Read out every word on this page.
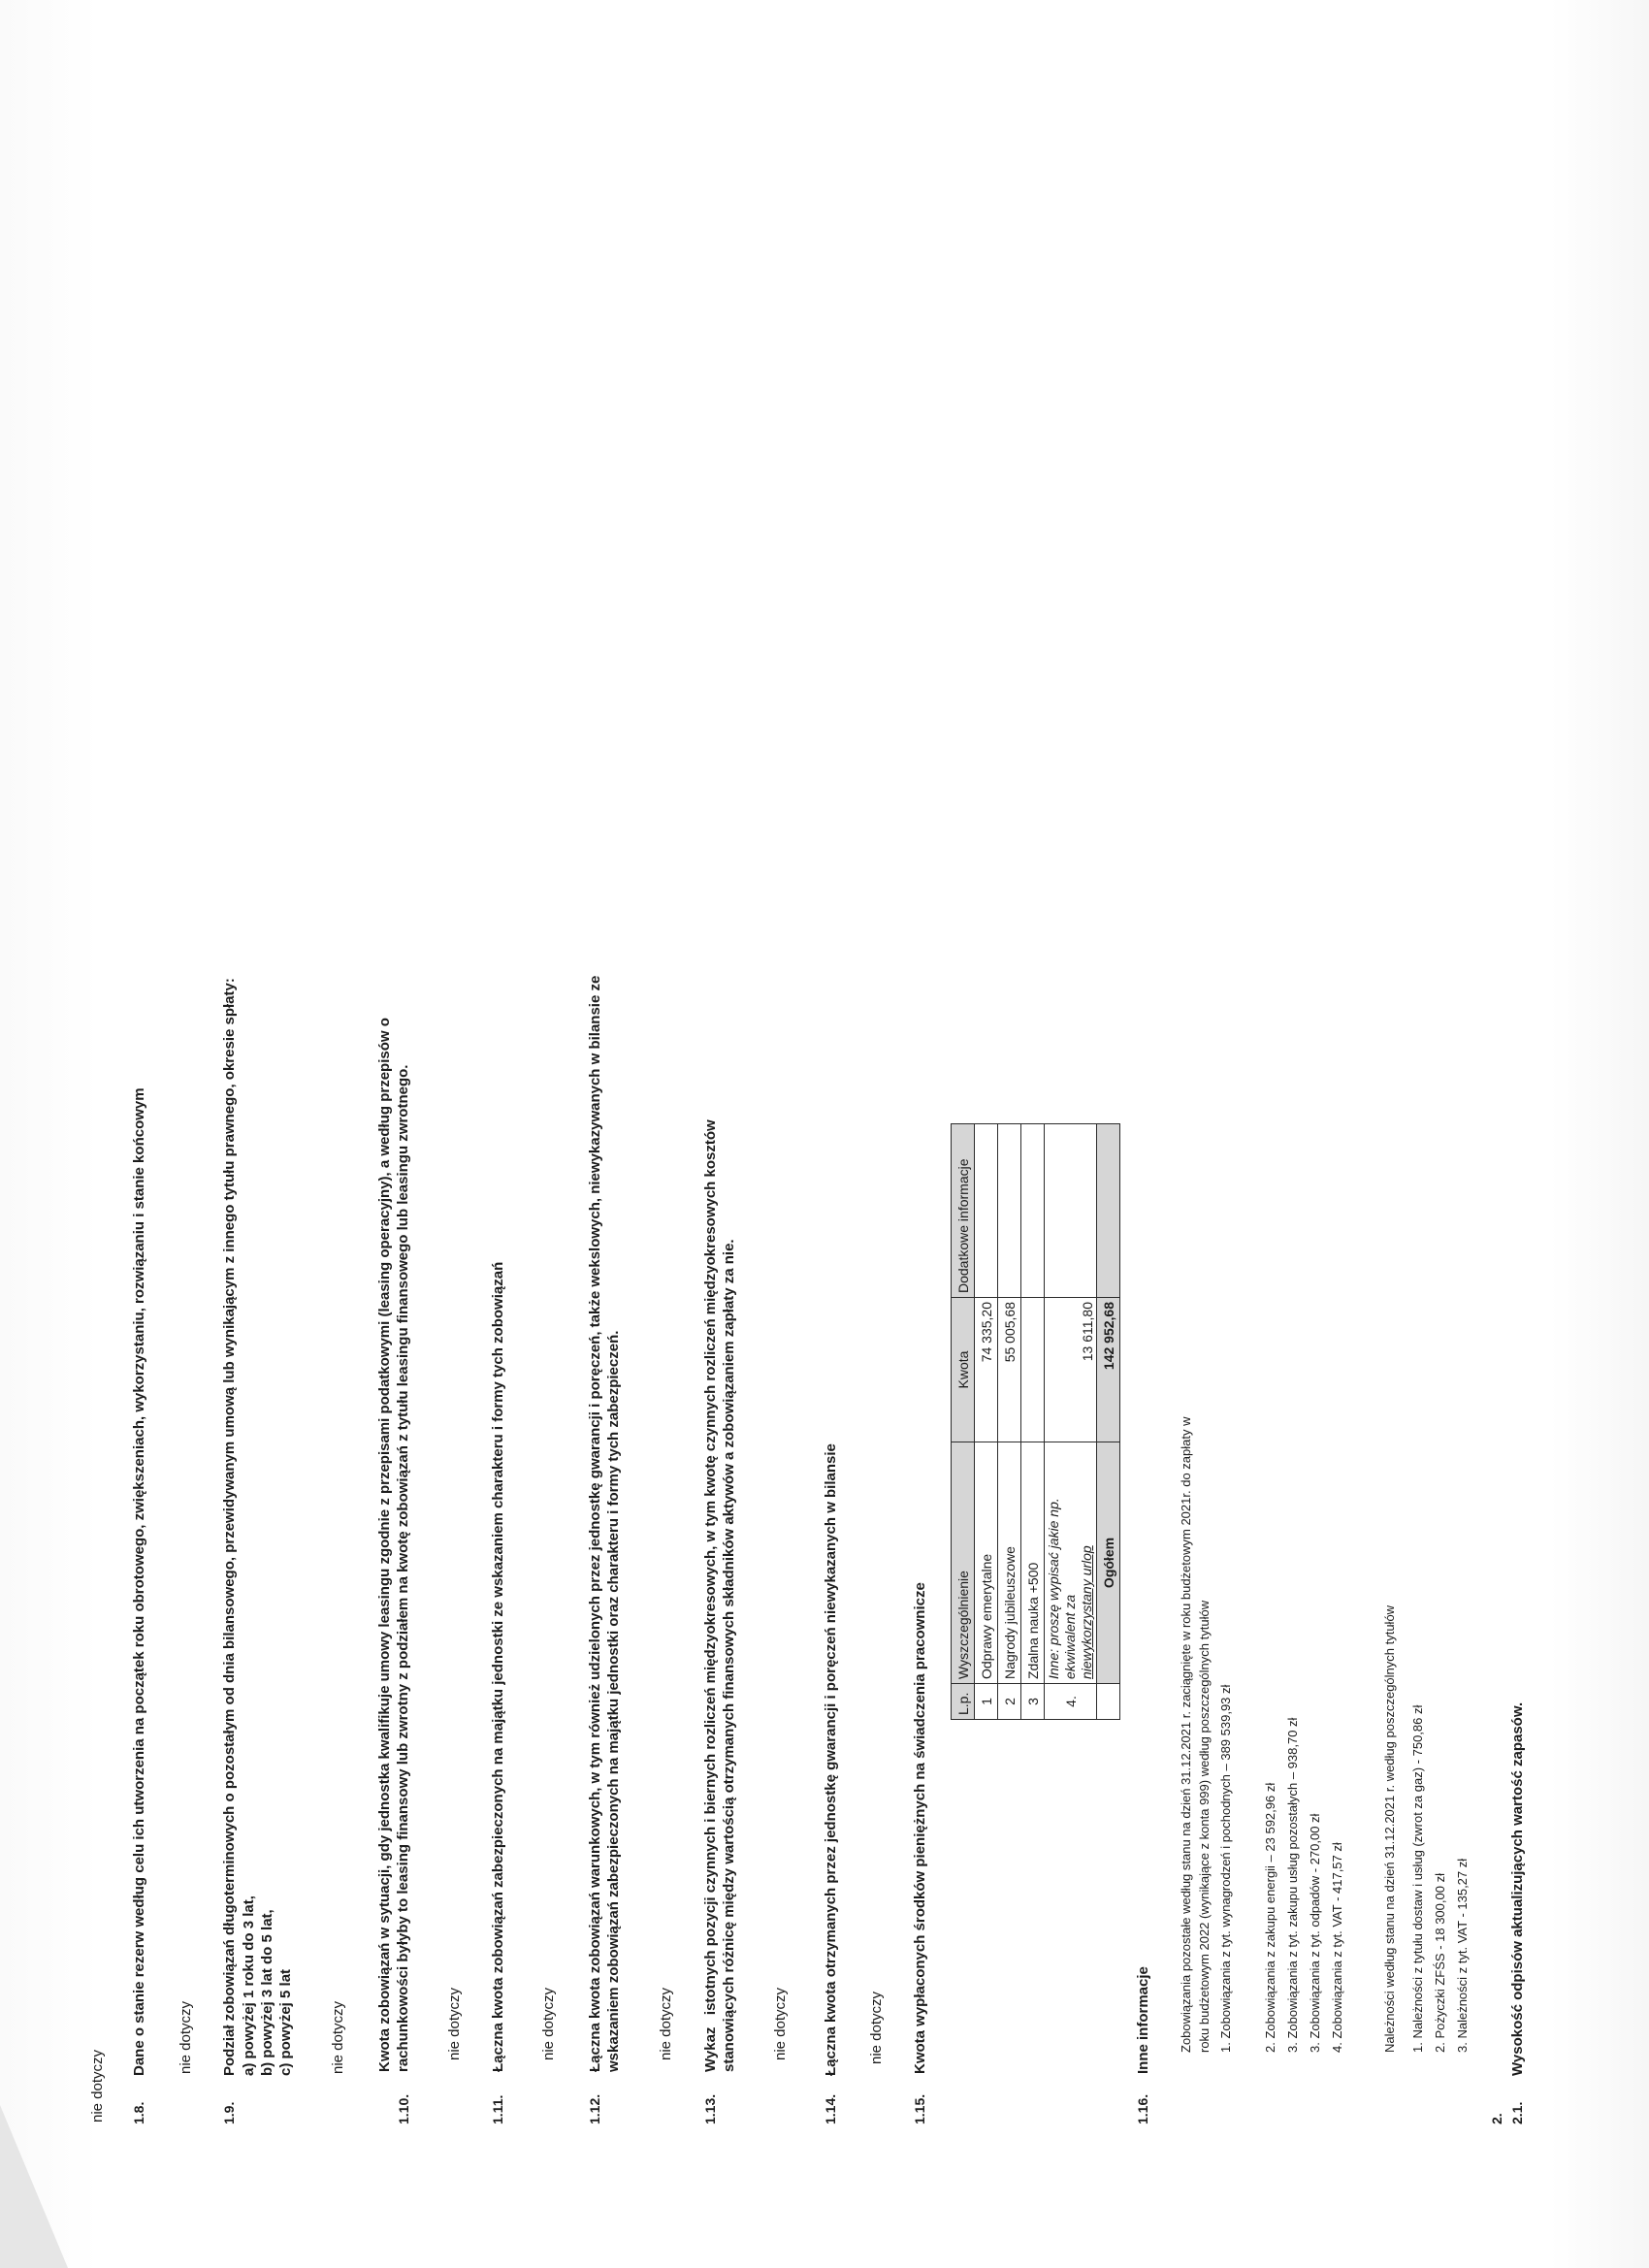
nie dotyczy 1.8.

Dane o stanie rezerw według celu ich utworzenia na początek roku obrotowego, zwiększeniach, wykorzystaniu, rozwiązaniu i stanie końcowym nie dotyczy

1.9.

Podział zobowiązań długoterminowych o pozostałym od dnia bilansowego, przewidywanym umową lub wynikającym z innego tytułu prawnego, okresie spłaty: a) powyżej 1 roku do 3 lat, b) powyżej 3 lat do 5 lat, c) powyżej 5 lat nie dotyczy

1.10.

Kwota zobowiązań w sytuacji, gdy jednostka kwalifikuje umowy leasingu zgodnie z przepisami podatkowymi (leasing operacyjny), a według przepisów o rachunkowości byłyby to leasing finansowy lub zwrotny z podziałem na kwotę zobowiązań z tytułu leasingu finansowego lub leasingu zwrotnego. nie dotyczy

1.11.

Łączna kwota zobowiązań zabezpieczonych na majątku jednostki ze wskazaniem charakteru i formy tych zobowiązań nie dotyczy

1.12.

Łączna kwota zobowiązań warunkowych, w tym również udzielonych przez jednostkę gwarancji i poręczeń, także wekslowych, niewykazywanych w bilansie ze wskazaniem zobowiązań zabezpieczonych na majątku jednostki oraz charakteru i formy tych zabezpieczeń. nie dotyczy

1.13.

Wykaz   istotnych pozycji czynnych i biernych rozliczeń międzyokresowych, w tym kwotę czynnych rozliczeń międzyokresowych kosztów stanowiących różnicę między wartością otrzymanych finansowych składników aktywów a zobowiązaniem zapłaty za nie. nie dotyczy

1.14.

Łączna kwota otrzymanych przez jednostkę gwarancji i poręczeń niewykazanych w bilansie nie dotyczy

1.15.

Kwota wypłaconych środków pieniężnych na świadczenia pracownicze L.p.	Wyszczególnienie	Kwota	Dodatkowe informacje
1	Odprawy emerytalne	74 335,20	
2	Nagrody jubileuszowe	55 005,68	
3	Zdalna nauka +500		
4.	Inne: proszę wypisać jakie np. ekwiwalent za niewykorzystany urlop	13 611,80	
	Ogółem	142 952,68	

1.16.

Inne informacje Zobowiązania pozostałe według stanu na dzień 31.12.2021 r. zaciągnięte w roku budżetowym 2021r. do zapłaty w roku budżetowym 2022 (wynikające z konta 999) według poszczególnych tytułów 1. Zobowiązania z tyt. wynagrodzeń i pochodnych – 389 539,93 zł
	2. Zobowiązania z zakupu energii – 23 592,96 zł 3. Zobowiązania z tyt. zakupu usług pozostałych – 938,70 zł 3. Zobowiązania z tyt. odpadów - 270,00 zł 4. Zobowiązania z tyt. VAT - 417,57 zł	Należności według stanu na dzień 31.12.2021 r. według poszczególnych tytułów	1. Należności z tytułu dostaw i usług (zwrot za gaz) - 750,86 zł 2. Pożyczki ZFŚS - 18 300,00 zł 3. Należności z tyt. VAT - 135,27 zł

2. 2.1.

Wysokość odpisów aktualizujących wartość zapasów.
